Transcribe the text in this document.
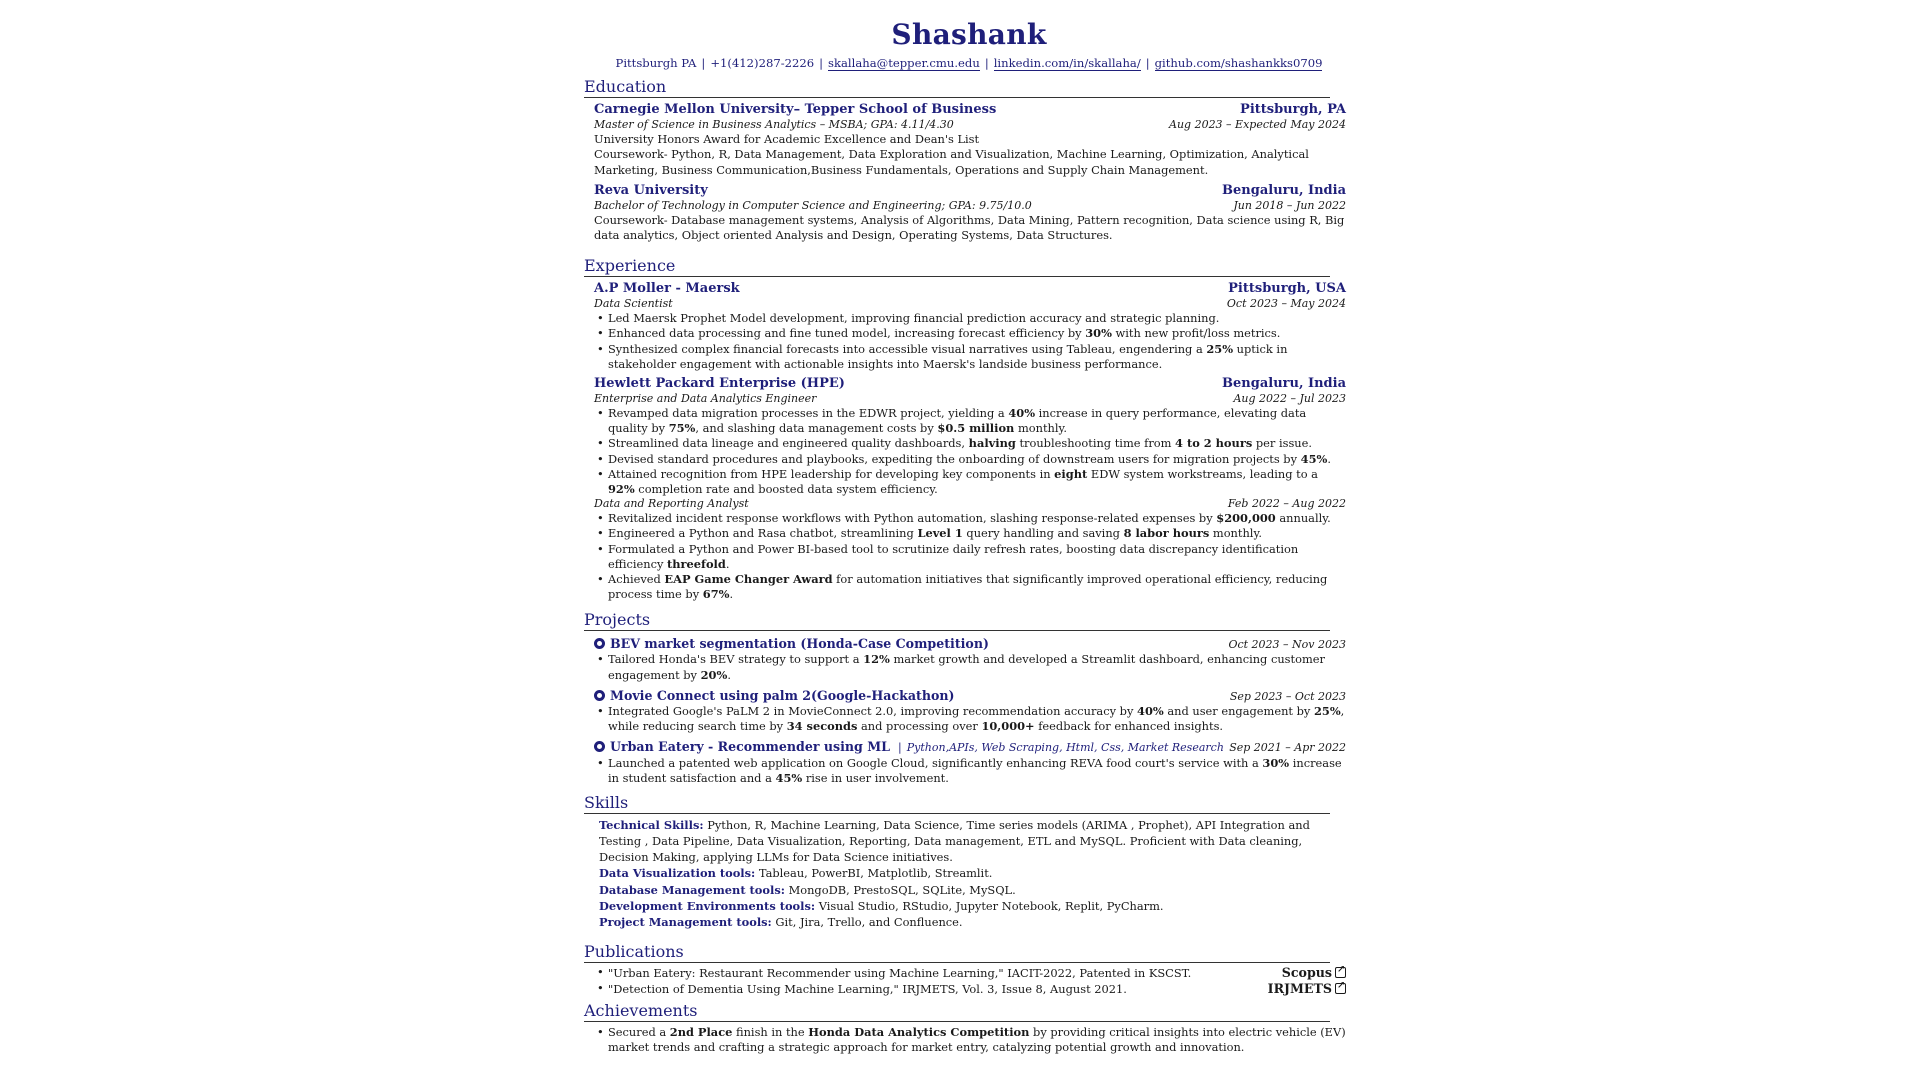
Shashank
Pittsburgh PA | +1(412)287-2226 | skallaha@tepper.cmu.edu | linkedin.com/in/skallaha/ | github.com/shashankks0709
Education
Carnegie Mellon University– Tepper School of Business	Pittsburgh, PA
Master of Science in Business Analytics – MSBA; GPA: 4.11/4.30	Aug 2023 – Expected May 2024
University Honors Award for Academic Excellence and Dean's List
Coursework- Python, R, Data Management, Data Exploration and Visualization, Machine Learning, Optimization, Analytical Marketing, Business Communication,Business Fundamentals, Operations and Supply Chain Management.
Reva University	Bengaluru, India
Bachelor of Technology in Computer Science and Engineering; GPA: 9.75/10.0	Jun 2018 – Jun 2022
Coursework- Database management systems, Analysis of Algorithms, Data Mining, Pattern recognition, Data science using R, Big data analytics, Object oriented Analysis and Design, Operating Systems, Data Structures.
Experience
A.P Moller - Maersk	Pittsburgh, USA
Data Scientist	Oct 2023 – May 2024
• Led Maersk Prophet Model development, improving financial prediction accuracy and strategic planning.
• Enhanced data processing and fine tuned model, increasing forecast efficiency by 30% with new profit/loss metrics.
• Synthesized complex financial forecasts into accessible visual narratives using Tableau, engendering a 25% uptick in stakeholder engagement with actionable insights into Maersk's landside business performance.
Hewlett Packard Enterprise (HPE)	Bengaluru, India
Enterprise and Data Analytics Engineer	Aug 2022 – Jul 2023
• Revamped data migration processes in the EDWR project, yielding a 40% increase in query performance, elevating data quality by 75%, and slashing data management costs by $0.5 million monthly.
• Streamlined data lineage and engineered quality dashboards, halving troubleshooting time from 4 to 2 hours per issue.
• Devised standard procedures and playbooks, expediting the onboarding of downstream users for migration projects by 45%.
• Attained recognition from HPE leadership for developing key components in eight EDW system workstreams, leading to a 92% completion rate and boosted data system efficiency.
Data and Reporting Analyst	Feb 2022 – Aug 2022
• Revitalized incident response workflows with Python automation, slashing response-related expenses by $200,000 annually.
• Engineered a Python and Rasa chatbot, streamlining Level 1 query handling and saving 8 labor hours monthly.
• Formulated a Python and Power BI-based tool to scrutinize daily refresh rates, boosting data discrepancy identification efficiency threefold.
• Achieved EAP Game Changer Award for automation initiatives that significantly improved operational efficiency, reducing process time by 67%.
Projects
BEV market segmentation (Honda-Case Competition)	Oct 2023 – Nov 2023
• Tailored Honda's BEV strategy to support a 12% market growth and developed a Streamlit dashboard, enhancing customer engagement by 20%.
Movie Connect using palm 2(Google-Hackathon)	Sep 2023 – Oct 2023
• Integrated Google's PaLM 2 in MovieConnect 2.0, improving recommendation accuracy by 40% and user engagement by 25%, while reducing search time by 34 seconds and processing over 10,000+ feedback for enhanced insights.
Urban Eatery - Recommender using ML | Python,APIs, Web Scraping, Html, Css, Market Research Sep 2021 – Apr 2022
• Launched a patented web application on Google Cloud, significantly enhancing REVA food court's service with a 30% increase in student satisfaction and a 45% rise in user involvement.
Skills
Technical Skills: Python, R, Machine Learning, Data Science, Time series models (ARIMA , Prophet), API Integration and Testing , Data Pipeline, Data Visualization, Reporting, Data management, ETL and MySQL. Proficient with Data cleaning, Decision Making, applying LLMs for Data Science initiatives.
Data Visualization tools: Tableau, PowerBI, Matplotlib, Streamlit.
Database Management tools: MongoDB, PrestoSQL, SQLite, MySQL.
Development Environments tools: Visual Studio, RStudio, Jupyter Notebook, Replit, PyCharm.
Project Management tools: Git, Jira, Trello, and Confluence.
Publications
• "Urban Eatery: Restaurant Recommender using Machine Learning," IACIT-2022, Patented in KSCST.	Scopus↗
• "Detection of Dementia Using Machine Learning," IRJMETS, Vol. 3, Issue 8, August 2021.	IRJMETS↗
Achievements
• Secured a 2nd Place finish in the Honda Data Analytics Competition by providing critical insights into electric vehicle (EV) market trends and crafting a strategic approach for market entry, catalyzing potential growth and innovation.
